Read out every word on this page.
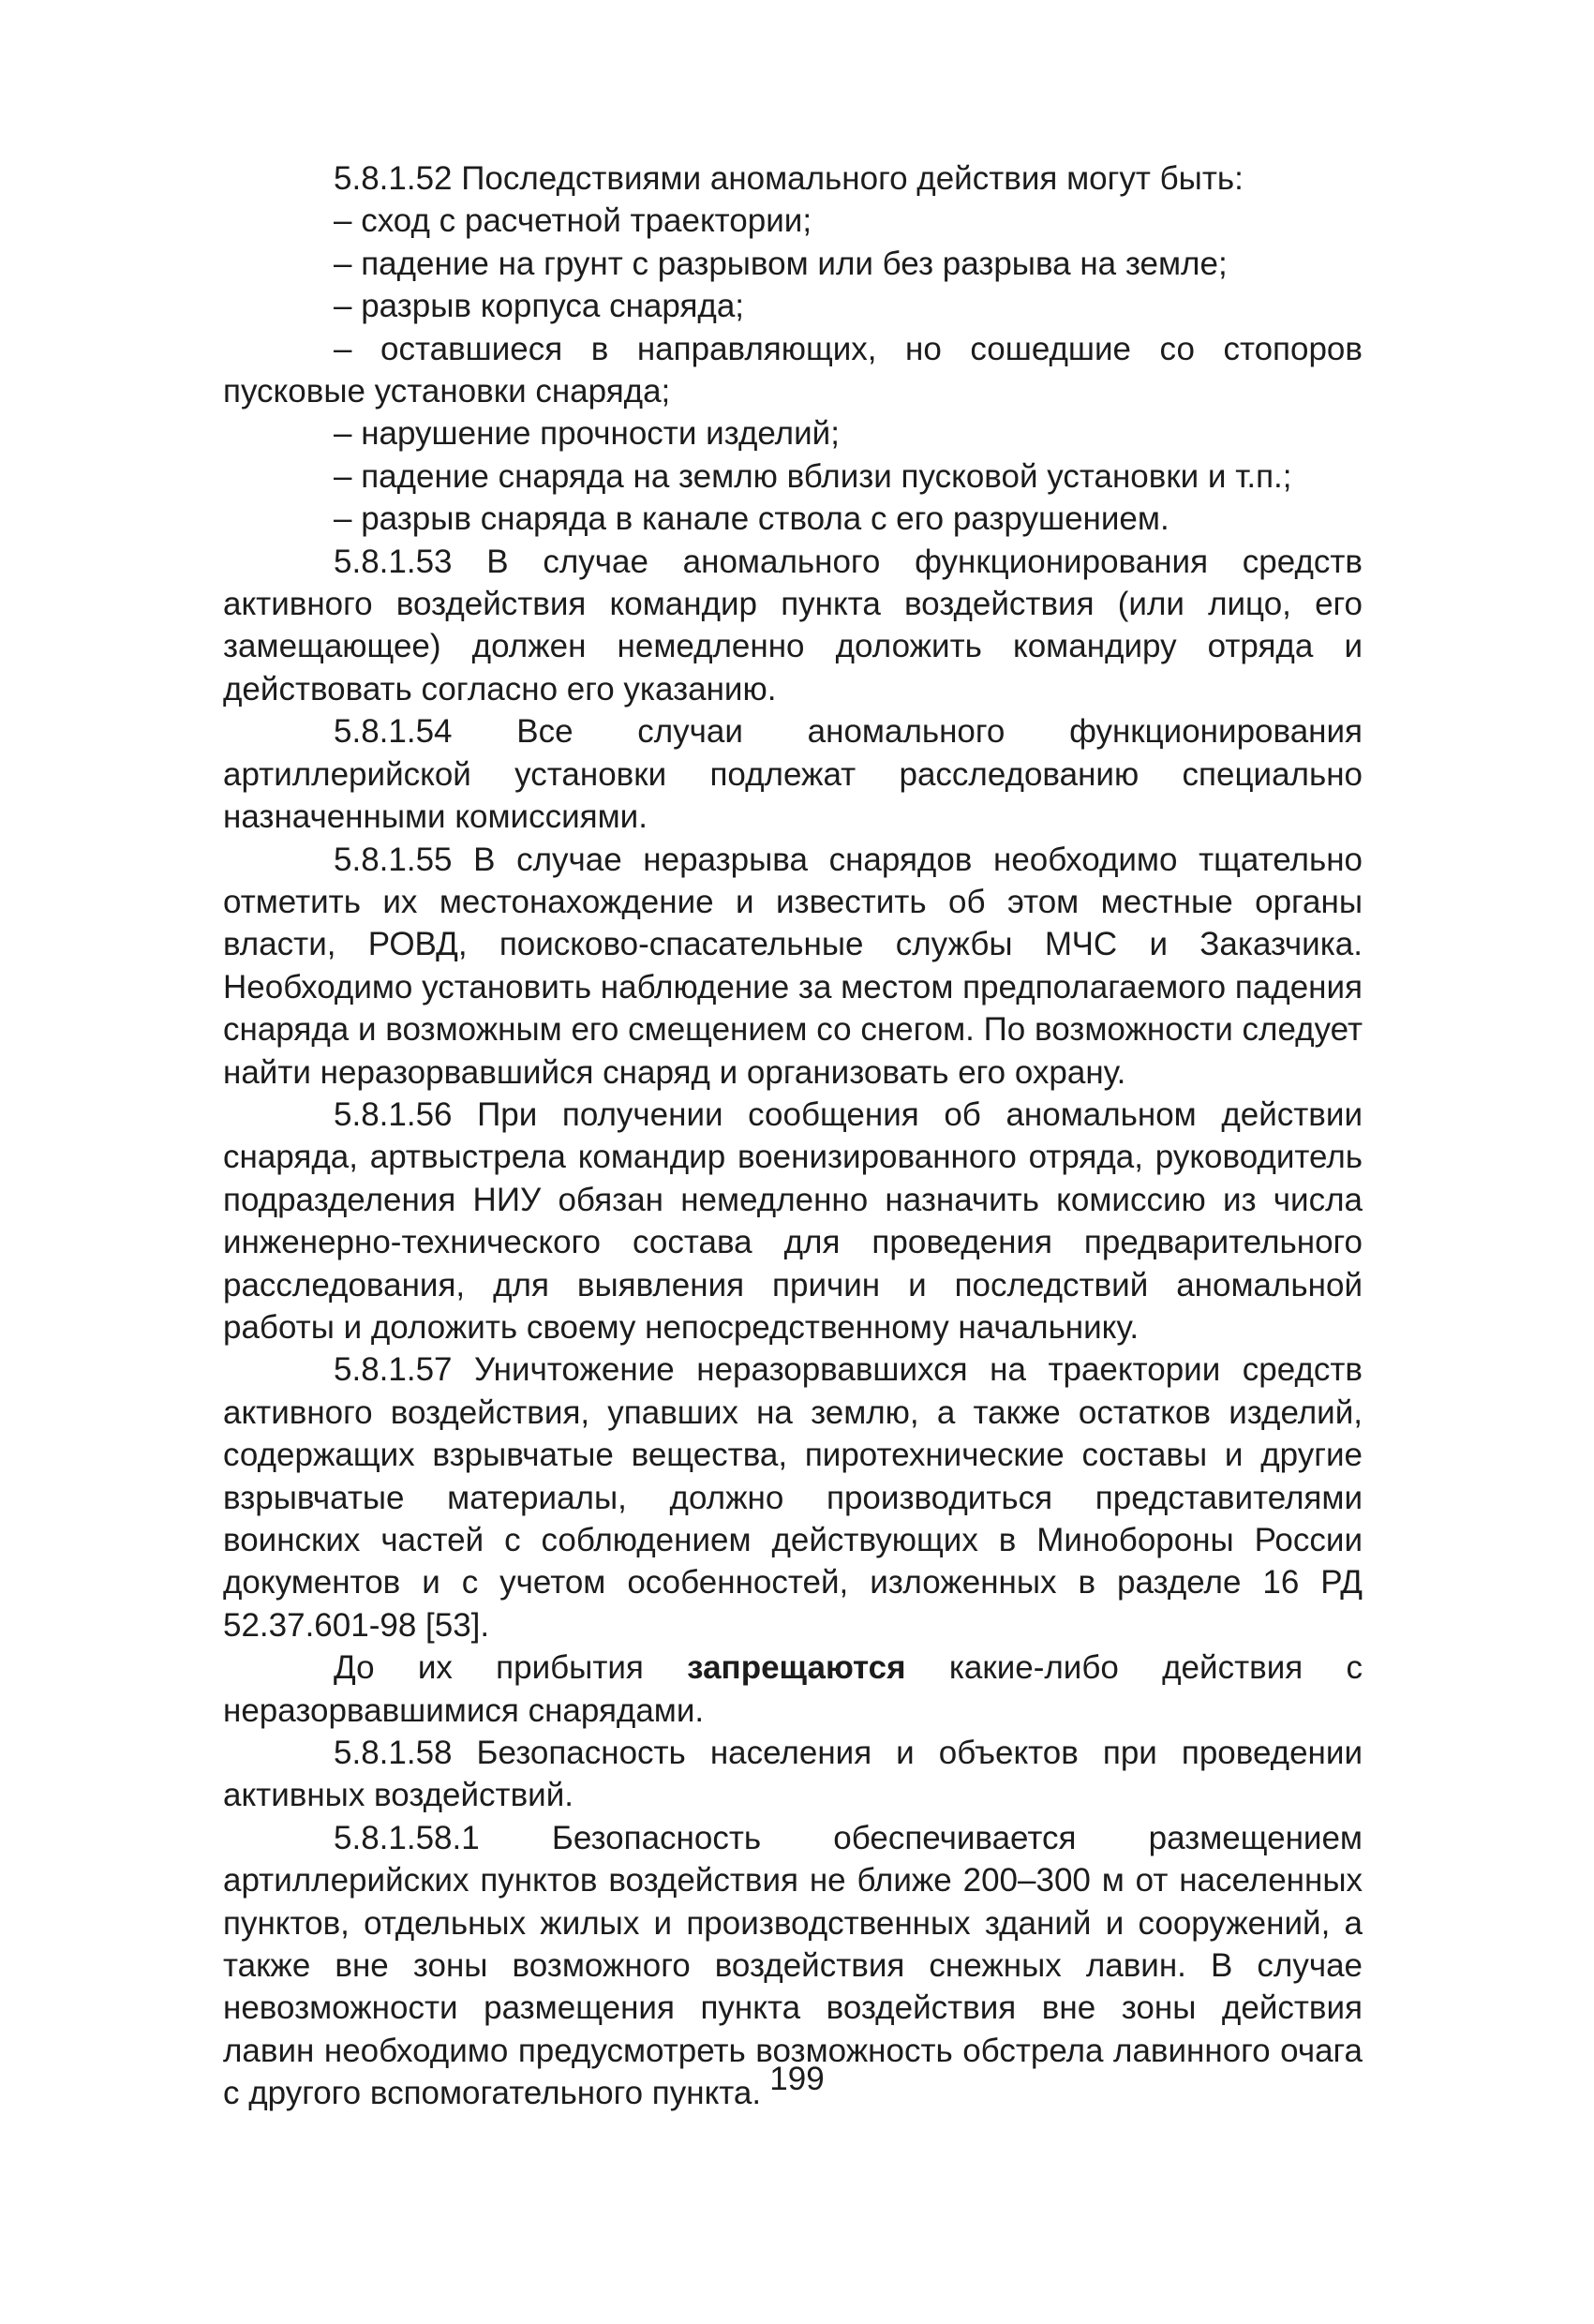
5.8.1.52 Последствиями аномального действия могут быть:

– сход с расчетной траектории;

– падение на грунт с разрывом или без разрыва на земле;

– разрыв корпуса снаряда;

– оставшиеся в направляющих, но сошедшие со стопоров пусковые установки снаряда;

– нарушение прочности изделий;

– падение снаряда на землю вблизи пусковой установки и т.п.;

– разрыв снаряда в канале ствола с его разрушением.

5.8.1.53 В случае аномального функционирования средств активного воздействия командир пункта воздействия (или лицо, его замещающее) должен немедленно доложить командиру отряда и действовать согласно его указанию.

5.8.1.54 Все случаи аномального функционирования артиллерийской установки подлежат расследованию специально назначенными комиссиями.

5.8.1.55 В случае неразрыва снарядов необходимо тщательно отметить их местонахождение и известить об этом местные органы власти, РОВД, поисково-спасательные службы МЧС и Заказчика. Необходимо установить наблюдение за местом предполагаемого падения снаряда и возможным его смещением со снегом. По возможности следует найти неразорвавшийся снаряд и организовать его охрану.

5.8.1.56 При получении сообщения об аномальном действии снаряда, артвыстрела командир военизированного отряда, руководитель подразделения НИУ обязан немедленно назначить комиссию из числа инженерно-технического состава для проведения предварительного расследования, для выявления причин и последствий аномальной работы и доложить своему непосредственному начальнику.

5.8.1.57 Уничтожение неразорвавшихся на траектории средств активного воздействия, упавших на землю, а также остатков изделий, содержащих взрывчатые вещества, пиротехнические составы и другие взрывчатые материалы, должно производиться представителями воинских частей с соблюдением действующих в Минобороны России документов и с учетом особенностей, изложенных в разделе 16 РД 52.37.601-98 [53].

До их прибытия запрещаются какие-либо действия с неразорвавшимися снарядами.

5.8.1.58 Безопасность населения и объектов при проведении активных воздействий.

5.8.1.58.1 Безопасность обеспечивается размещением артиллерийских пунктов воздействия не ближе 200–300 м от населенных пунктов, отдельных жилых и производственных зданий и сооружений, а также вне зоны возможного воздействия снежных лавин. В случае невозможности размещения пункта воздействия вне зоны действия лавин необходимо предусмотреть возможность обстрела лавинного очага с другого вспомогательного пункта. 199
